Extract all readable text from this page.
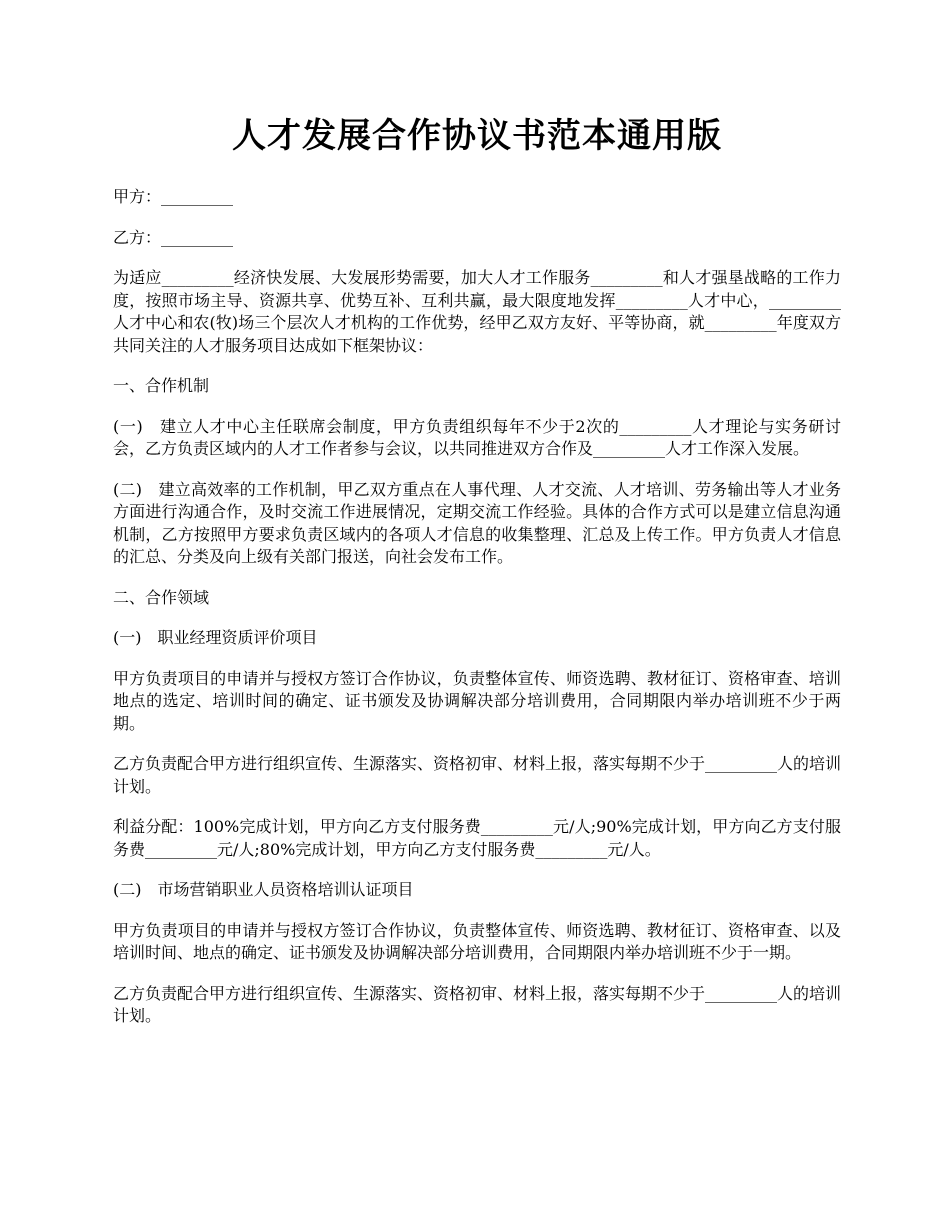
人才发展合作协议书范本通用版

甲方：_________

乙方：_________

为适应_________经济快发展、大发展形势需要，加大人才工作服务_________和人才强垦战略的工作力度，按照市场主导、资源共享、优势互补、互利共赢，最大限度地发挥_________人才中心，_________人才中心和农(牧)场三个层次人才机构的工作优势，经甲乙双方友好、平等协商，就_________年度双方共同关注的人才服务项目达成如下框架协议：

一、合作机制

(一)　建立人才中心主任联席会制度，甲方负责组织每年不少于2次的_________人才理论与实务研讨会，乙方负责区域内的人才工作者参与会议，以共同推进双方合作及_________人才工作深入发展。

(二)　建立高效率的工作机制，甲乙双方重点在人事代理、人才交流、人才培训、劳务输出等人才业务方面进行沟通合作，及时交流工作进展情况，定期交流工作经验。具体的合作方式可以是建立信息沟通机制，乙方按照甲方要求负责区域内的各项人才信息的收集整理、汇总及上传工作。甲方负责人才信息的汇总、分类及向上级有关部门报送，向社会发布工作。

二、合作领域

(一)　职业经理资质评价项目

甲方负责项目的申请并与授权方签订合作协议，负责整体宣传、师资选聘、教材征订、资格审查、培训地点的选定、培训时间的确定、证书颁发及协调解决部分培训费用，合同期限内举办培训班不少于两期。

乙方负责配合甲方进行组织宣传、生源落实、资格初审、材料上报，落实每期不少于_________人的培训计划。

利益分配：100%完成计划，甲方向乙方支付服务费_________元/人;90%完成计划，甲方向乙方支付服务费_________元/人;80%完成计划，甲方向乙方支付服务费_________元/人。

(二)　市场营销职业人员资格培训认证项目

甲方负责项目的申请并与授权方签订合作协议，负责整体宣传、师资选聘、教材征订、资格审查、以及培训时间、地点的确定、证书颁发及协调解决部分培训费用，合同期限内举办培训班不少于一期。

乙方负责配合甲方进行组织宣传、生源落实、资格初审、材料上报，落实每期不少于_________人的培训计划。
